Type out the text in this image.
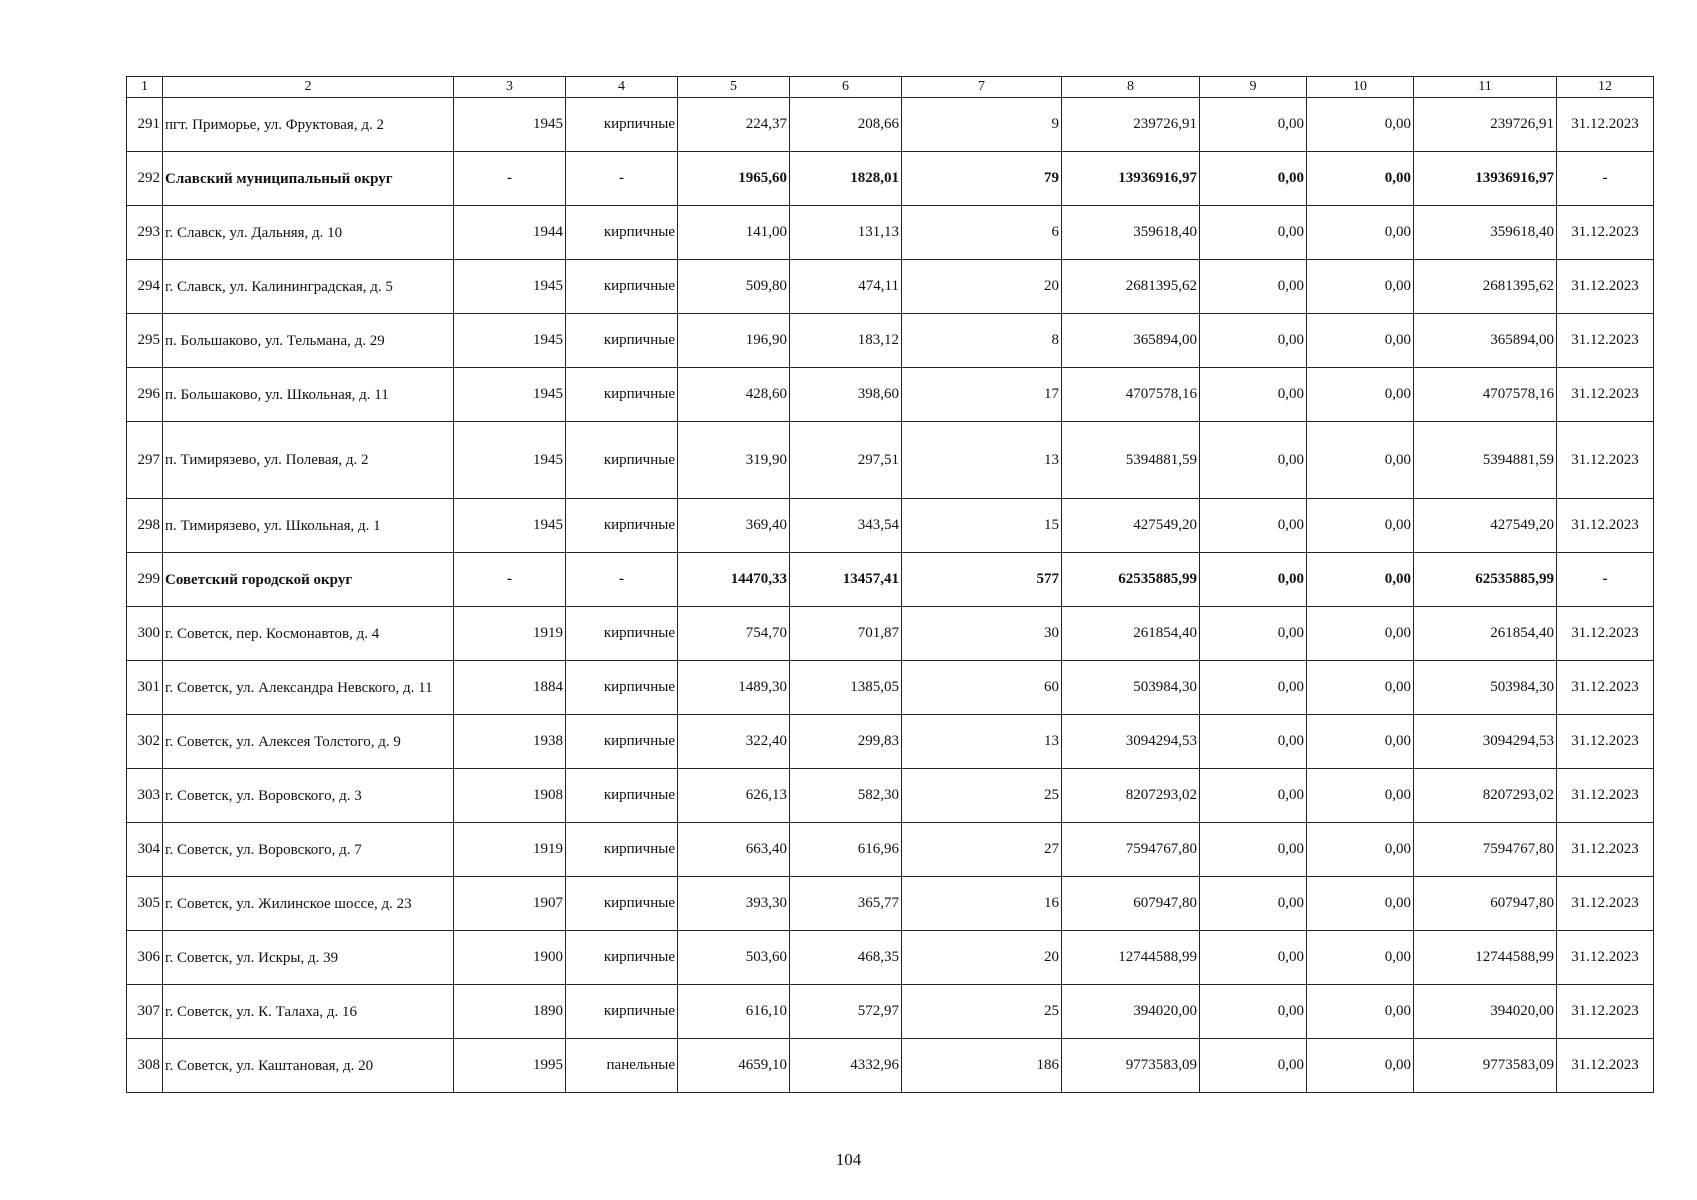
1	2	3	4	5	6	7	8	9	10	11	12
291	пгт. Приморье, ул. Фруктовая, д. 2	1945	кирпичные	224,37	208,66	9	239726,91	0,00	0,00	239726,91	31.12.2023
292	Славский муниципальный округ	-	-	1965,60	1828,01	79	13936916,97	0,00	0,00	13936916,97	-
293	г. Славск, ул. Дальняя, д. 10	1944	кирпичные	141,00	131,13	6	359618,40	0,00	0,00	359618,40	31.12.2023
294	г. Славск, ул. Калининградская, д. 5	1945	кирпичные	509,80	474,11	20	2681395,62	0,00	0,00	2681395,62	31.12.2023
295	п. Большаково, ул. Тельмана, д. 29	1945	кирпичные	196,90	183,12	8	365894,00	0,00	0,00	365894,00	31.12.2023
296	п. Большаково, ул. Школьная, д. 11	1945	кирпичные	428,60	398,60	17	4707578,16	0,00	0,00	4707578,16	31.12.2023
297	п. Тимирязево, ул. Полевая, д. 2	1945	кирпичные	319,90	297,51	13	5394881,59	0,00	0,00	5394881,59	31.12.2023
298	п. Тимирязево, ул. Школьная, д. 1	1945	кирпичные	369,40	343,54	15	427549,20	0,00	0,00	427549,20	31.12.2023
299	Советский городской округ	-	-	14470,33	13457,41	577	62535885,99	0,00	0,00	62535885,99	-
300	г. Советск, пер. Космонавтов, д. 4	1919	кирпичные	754,70	701,87	30	261854,40	0,00	0,00	261854,40	31.12.2023
301	г. Советск, ул. Александра Невского, д. 11	1884	кирпичные	1489,30	1385,05	60	503984,30	0,00	0,00	503984,30	31.12.2023
302	г. Советск, ул. Алексея Толстого, д. 9	1938	кирпичные	322,40	299,83	13	3094294,53	0,00	0,00	3094294,53	31.12.2023
303	г. Советск, ул. Воровского, д. 3	1908	кирпичные	626,13	582,30	25	8207293,02	0,00	0,00	8207293,02	31.12.2023
304	г. Советск, ул. Воровского, д. 7	1919	кирпичные	663,40	616,96	27	7594767,80	0,00	0,00	7594767,80	31.12.2023
305	г. Советск, ул. Жилинское шоссе, д. 23	1907	кирпичные	393,30	365,77	16	607947,80	0,00	0,00	607947,80	31.12.2023
306	г. Советск, ул. Искры, д. 39	1900	кирпичные	503,60	468,35	20	12744588,99	0,00	0,00	12744588,99	31.12.2023
307	г. Советск, ул. К. Талаха, д. 16	1890	кирпичные	616,10	572,97	25	394020,00	0,00	0,00	394020,00	31.12.2023
308	г. Советск, ул. Каштановая, д. 20	1995	панельные	4659,10	4332,96	186	9773583,09	0,00	0,00	9773583,09	31.12.2023
104
